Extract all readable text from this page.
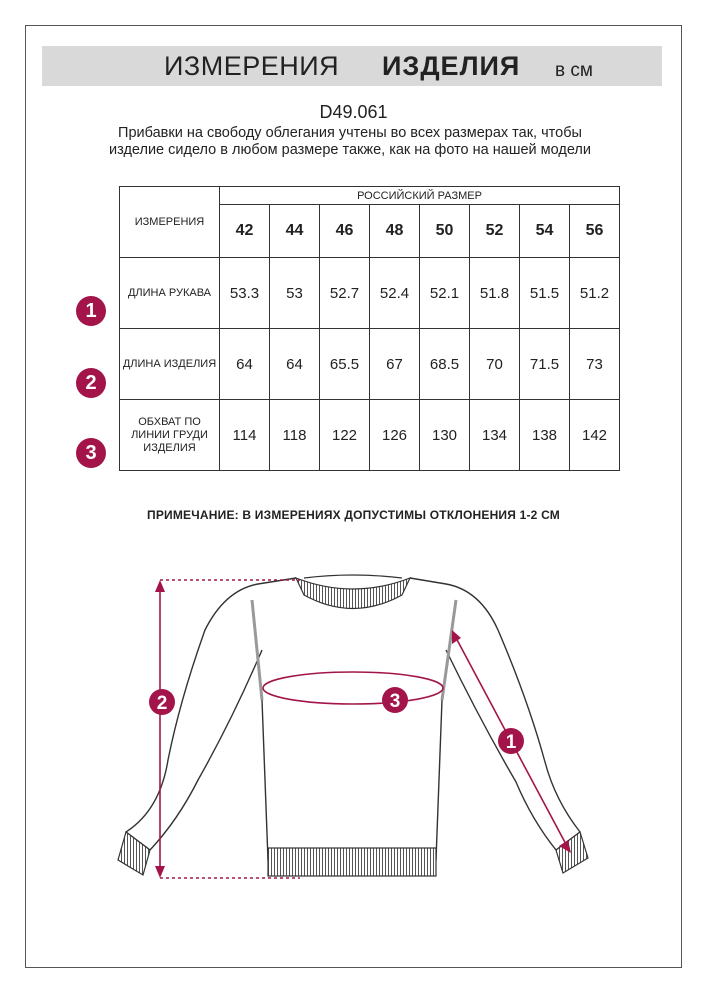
ИЗМЕРЕНИЯ ИЗДЕЛИЯ в см
D49.061
Прибавки на свободу облегания учтены во всех размерах так, чтобы изделие сидело в любом размере также, как на фото на нашей модели
ИЗМЕРЕНИЯ	РОССИЙСКИЙ РАЗМЕР							
	42	44	46	48	50	52	54	56
ДЛИНА РУКАВА	53.3	53	52.7	52.4	52.1	51.8	51.5	51.2
ДЛИНА ИЗДЕЛИЯ	64	64	65.5	67	68.5	70	71.5	73
ОБХВАТ ПО ЛИНИИ ГРУДИ ИЗДЕЛИЯ	114	118	122	126	130	134	138	142
1
2
3
ПРИМЕЧАНИЕ: В ИЗМЕРЕНИЯХ ДОПУСТИМЫ ОТКЛОНЕНИЯ 1-2 СМ
2	3
1
